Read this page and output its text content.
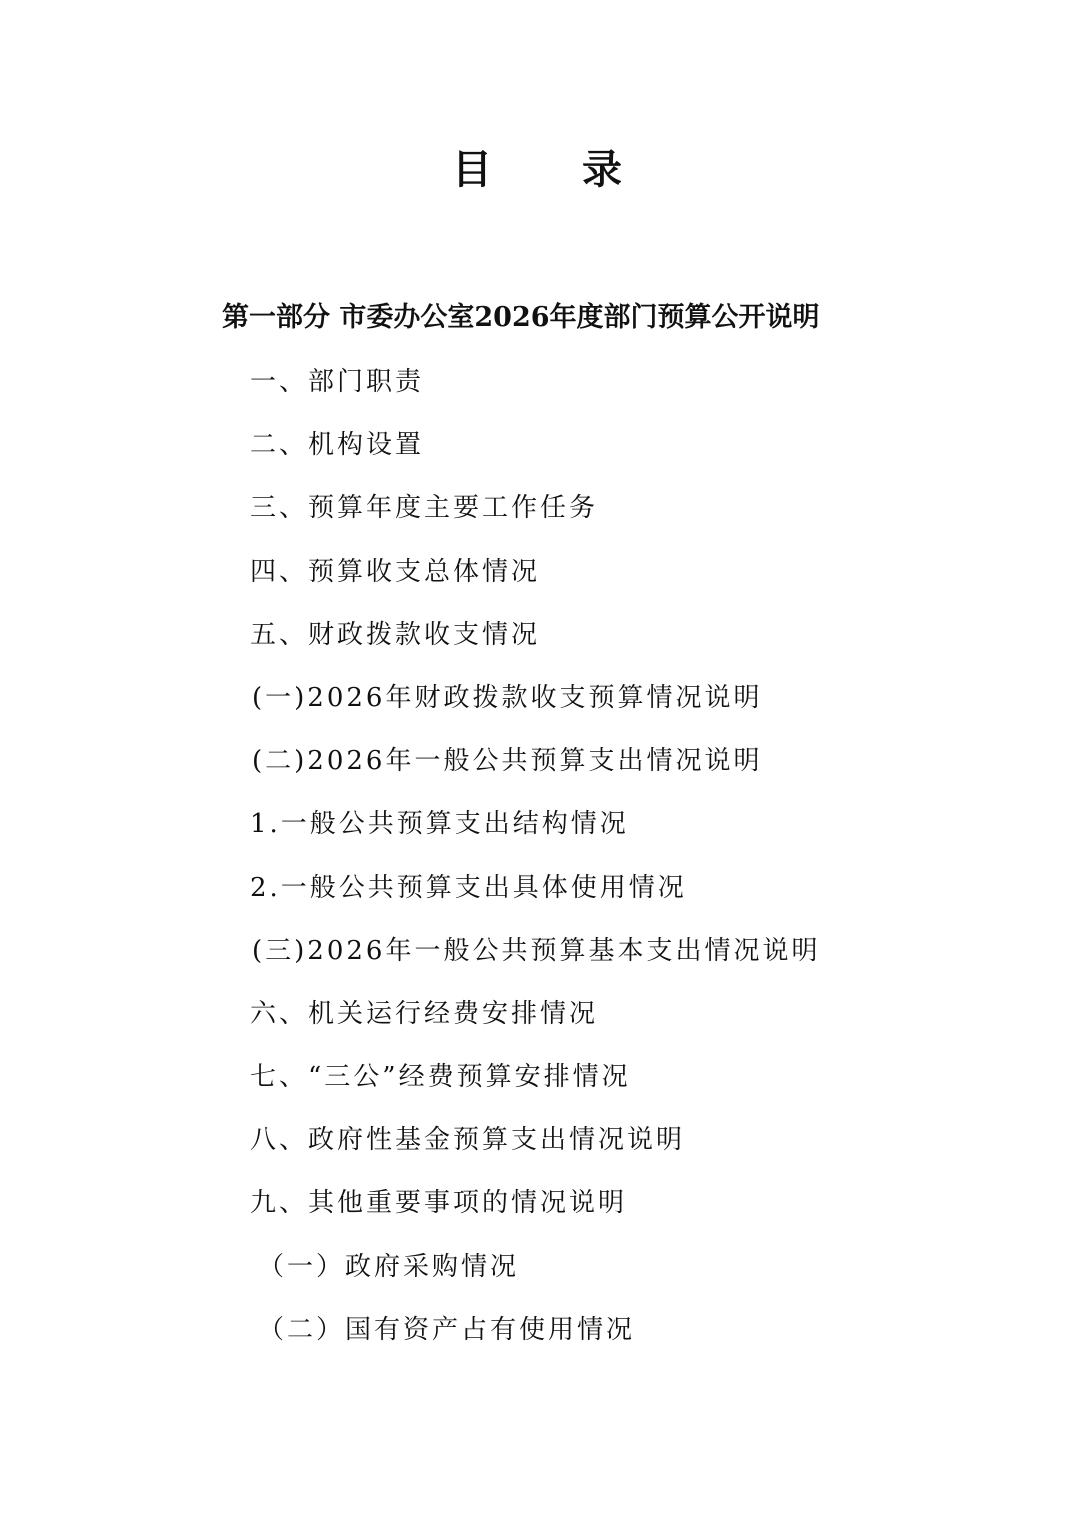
目 录
第一部分 市委办公室2026年度部门预算公开说明
一、部门职责
二、机构设置
三、预算年度主要工作任务
四、预算收支总体情况
五、财政拨款收支情况
(一)2026年财政拨款收支预算情况说明
(二)2026年一般公共预算支出情况说明
1.一般公共预算支出结构情况
2.一般公共预算支出具体使用情况
(三)2026年一般公共预算基本支出情况说明
六、机关运行经费安排情况
七、“三公”经费预算安排情况
八、政府性基金预算支出情况说明
九、其他重要事项的情况说明
（一）政府采购情况
（二）国有资产占有使用情况
